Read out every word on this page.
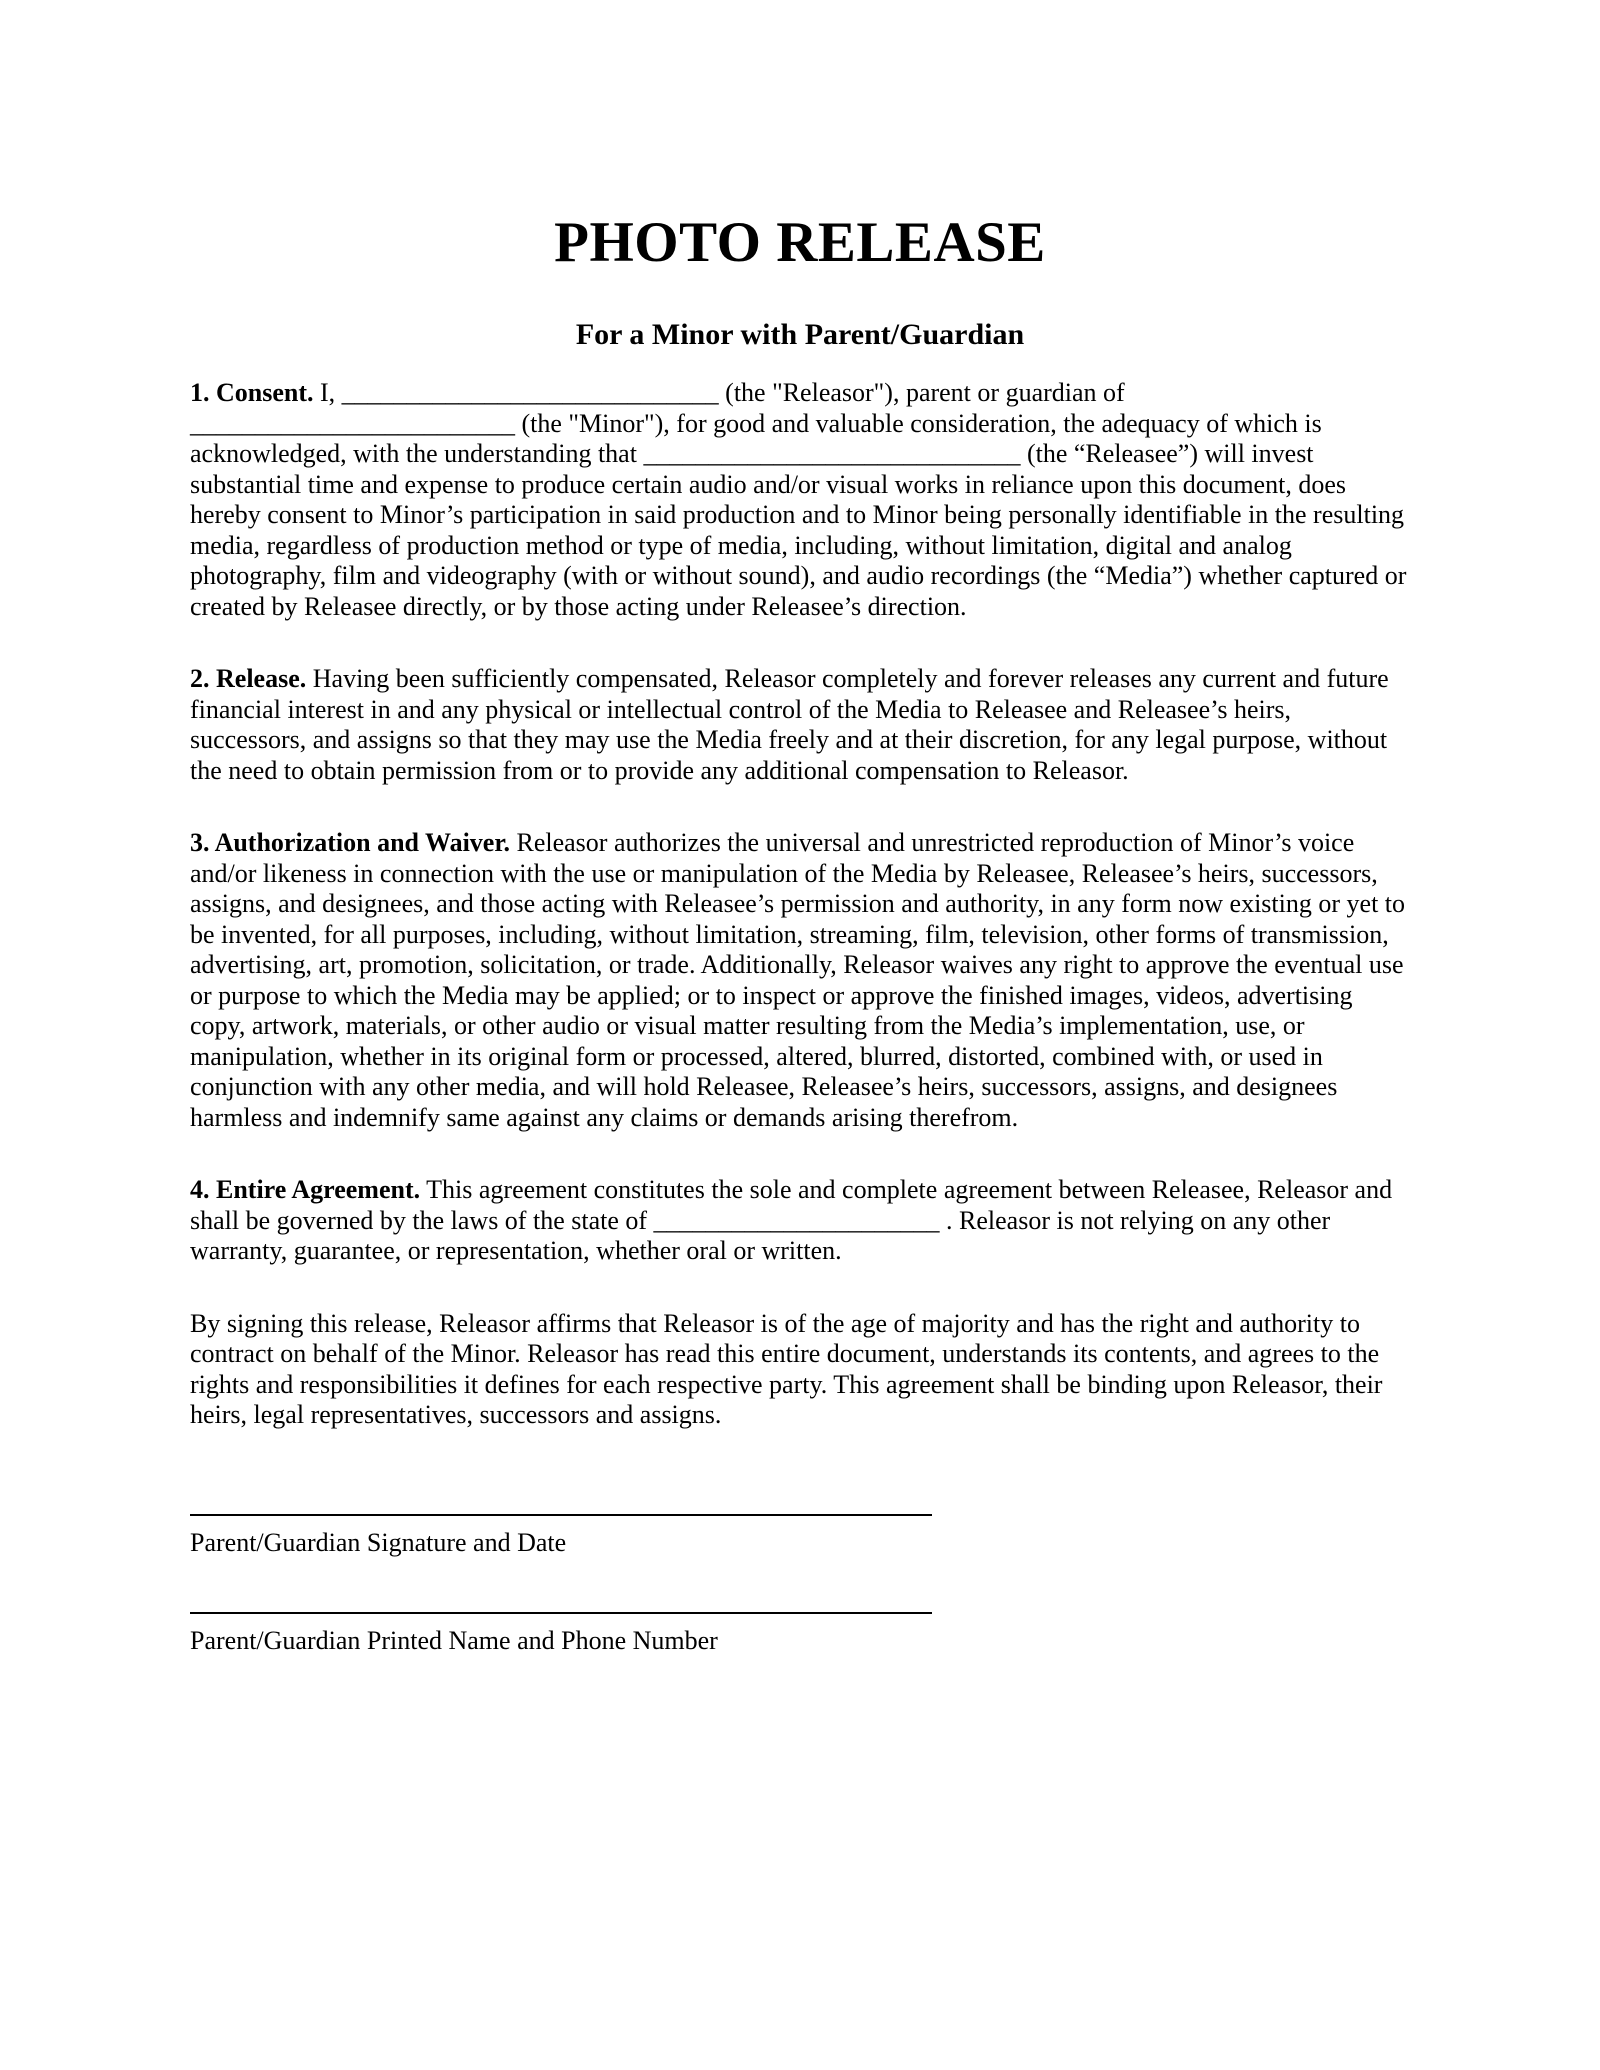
PHOTO RELEASE
For a Minor with Parent/Guardian

1. Consent. I, _____________________________ (the "Releasor"), parent or guardian of _________________________ (the "Minor"), for good and valuable consideration, the adequacy of which is acknowledged, with the understanding that _____________________________ (the “Releasee”) will invest substantial time and expense to produce certain audio and/or visual works in reliance upon this document, does hereby consent to Minor’s participation in said production and to Minor being personally identifiable in the resulting media, regardless of production method or type of media, including, without limitation, digital and analog photography, film and videography (with or without sound), and audio recordings (the “Media”) whether captured or created by Releasee directly, or by those acting under Releasee’s direction.

2. Release. Having been sufficiently compensated, Releasor completely and forever releases any current and future financial interest in and any physical or intellectual control of the Media to Releasee and Releasee’s heirs, successors, and assigns so that they may use the Media freely and at their discretion, for any legal purpose, without the need to obtain permission from or to provide any additional compensation to Releasor.

3. Authorization and Waiver. Releasor authorizes the universal and unrestricted reproduction of Minor’s voice and/or likeness in connection with the use or manipulation of the Media by Releasee, Releasee’s heirs, successors, assigns, and designees, and those acting with Releasee’s permission and authority, in any form now existing or yet to be invented, for all purposes, including, without limitation, streaming, film, television, other forms of transmission, advertising, art, promotion, solicitation, or trade. Additionally, Releasor waives any right to approve the eventual use or purpose to which the Media may be applied; or to inspect or approve the finished images, videos, advertising copy, artwork, materials, or other audio or visual matter resulting from the Media’s implementation, use, or manipulation, whether in its original form or processed, altered, blurred, distorted, combined with, or used in conjunction with any other media, and will hold Releasee, Releasee’s heirs, successors, assigns, and designees harmless and indemnify same against any claims or demands arising therefrom.

4. Entire Agreement. This agreement constitutes the sole and complete agreement between Releasee, Releasor and shall be governed by the laws of the state of ______________________ . Releasor is not relying on any other warranty, guarantee, or representation, whether oral or written.

By signing this release, Releasor affirms that Releasor is of the age of majority and has the right and authority to contract on behalf of the Minor. Releasor has read this entire document, understands its contents, and agrees to the rights and responsibilities it defines for each respective party. This agreement shall be binding upon Releasor, their heirs, legal representatives, successors and assigns.

Parent/Guardian Signature and Date
Parent/Guardian Printed Name and Phone Number
